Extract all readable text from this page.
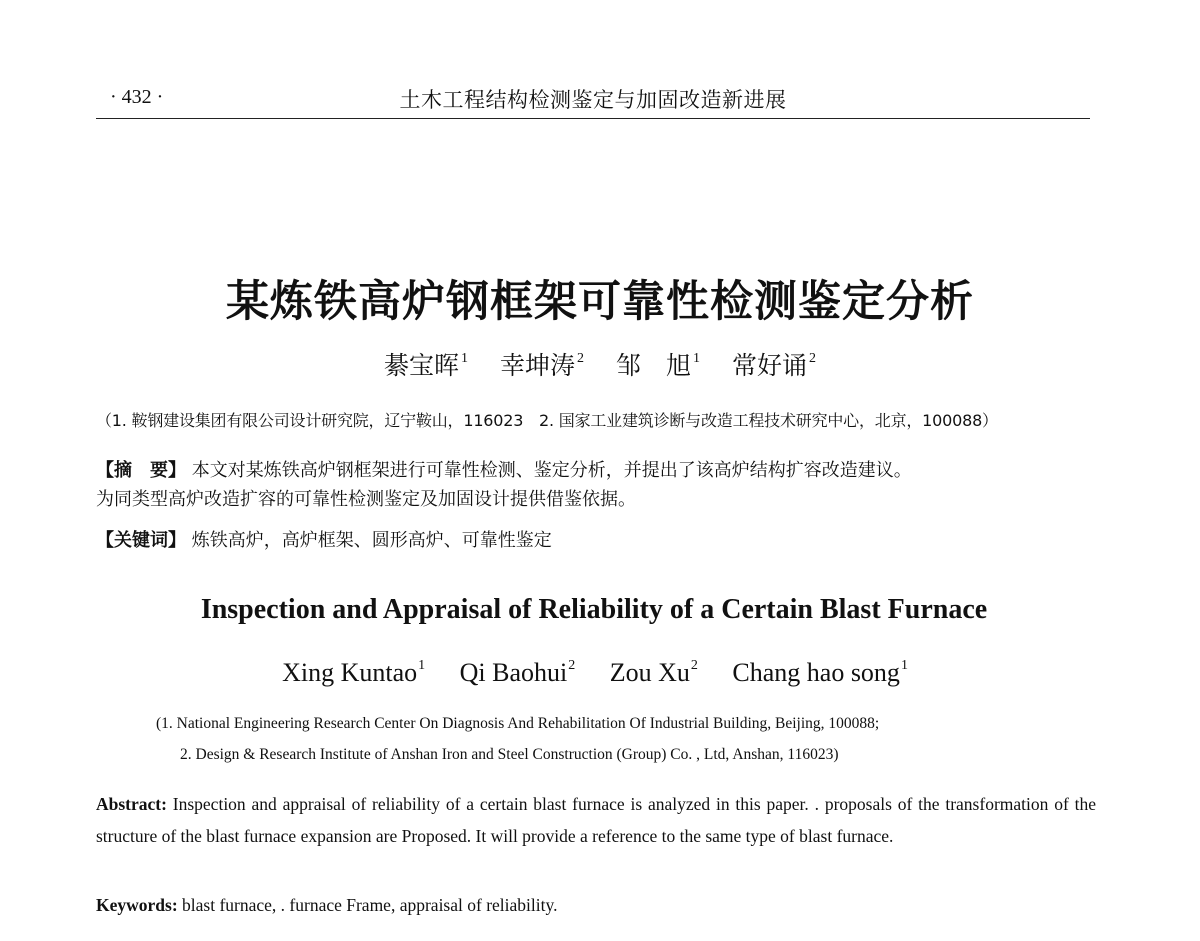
· 432 ·	土木工程结构检测鉴定与加固改造新进展
某炼铁高炉钢框架可靠性检测鉴定分析
綦宝晖 $^1$ 幸坤涛 $^2$ 邹　旭 $^1$ 常好诵 $^2$
（1. 鞍钢建设集团有限公司设计研究院，辽宁鞍山，116023　2. 国家工业建筑诊断与改造工程技术研究中心，北京，100088）
【摘　要】 本文对某炼铁高炉钢框架进行可靠性检测、鉴定分析，并提出了该高炉结构扩容改造建议。
为同类型高炉改造扩容的可靠性检测鉴定及加固设计提供借鉴依据。
【关键词】 炼铁高炉，高炉框架、圆形高炉、可靠性鉴定
Inspection and Appraisal of Reliability of a Certain Blast Furnace
Xing Kuntao$^1$ Qi Baohui$^2$ Zou Xu$^2$ Chang hao song$^1$
(1. National Engineering Research Center On Diagnosis And Rehabilitation Of Industrial Building, Beijing, 100088;
2. Design & Research Institute of Anshan Iron and Steel Construction (Group) Co. , Ltd, Anshan, 116023)
Abstract: Inspection and appraisal of reliability of a certain blast furnace is analyzed in this paper. . proposals of the transformation of the structure of the blast furnace expansion are Proposed. It will provide a reference to the same type of blast furnace.
Keywords: blast furnace, . furnace Frame, appraisal of reliability.
